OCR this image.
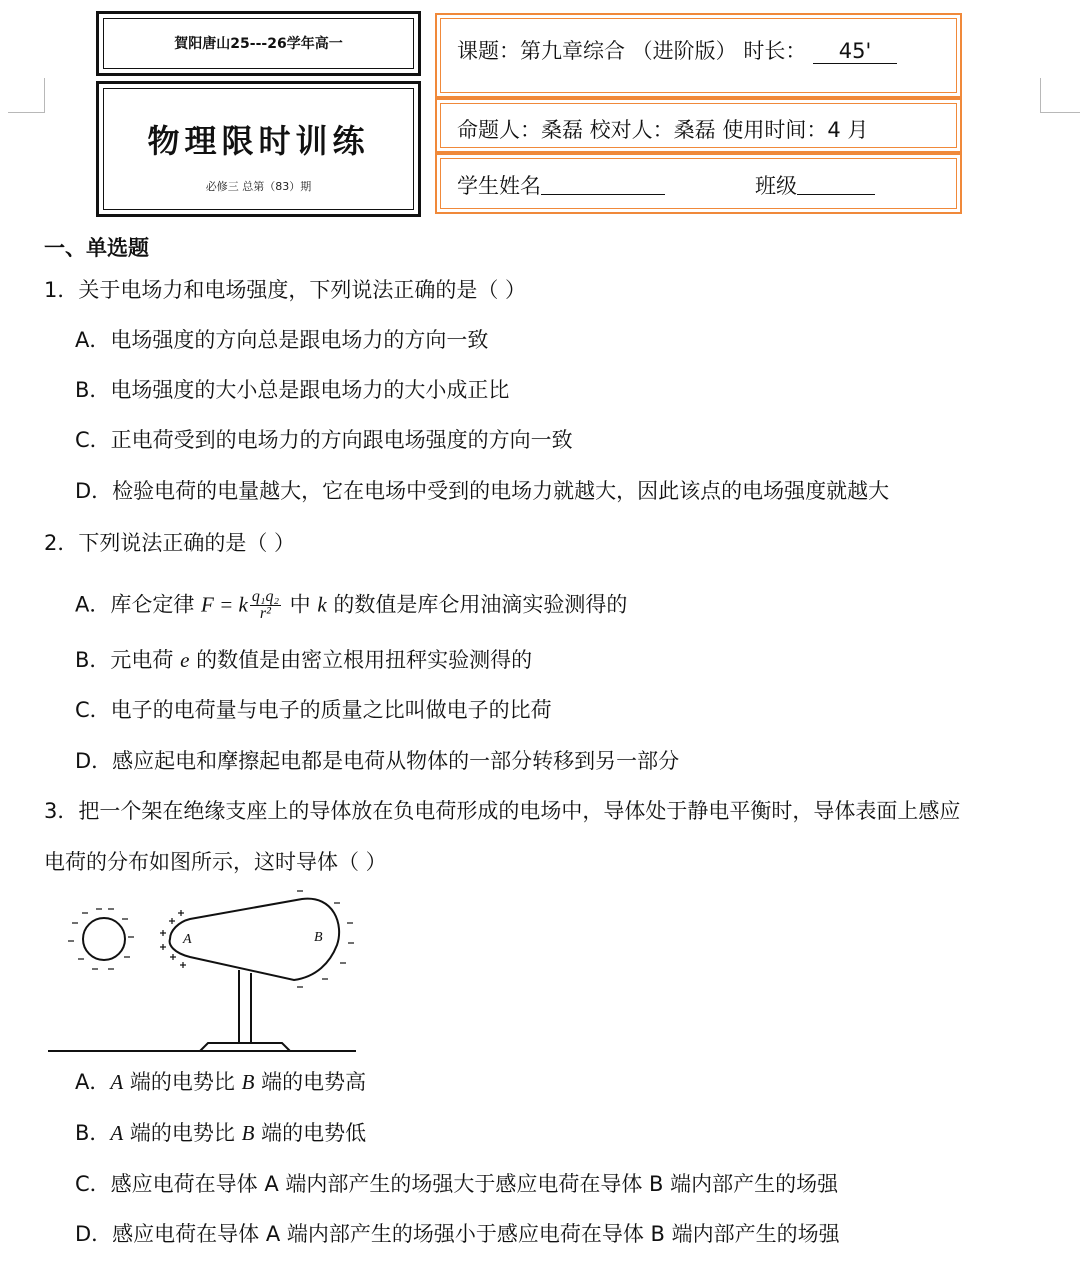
賀阳唐山25---26学年高一
物理限时训练
必修三 总第（83）期
课题：第九章综合 （进阶版） 时长： 45'
命题人：桑磊 校对人：桑磊 使用时间：4 月
学生姓名	班级
一、单选题
1．关于电场力和电场强度，下列说法正确的是（ ）
A．电场强度的方向总是跟电场力的方向一致
B．电场强度的大小总是跟电场力的大小成正比
C．正电荷受到的电场力的方向跟电场强度的方向一致
D．检验电荷的电量越大，它在电场中受到的电场力就越大，因此该点的电场强度就越大
2．下列说法正确的是（ ）
A．库仑定律 F = k $\frac{\text{q₁q₂}}{\text{r²}}$ 中 k 的数值是库仑用油滴实验测得的
B．元电荷 e 的数值是由密立根用扭秤实验测得的
C．电子的电荷量与电子的质量之比叫做电子的比荷
D．感应起电和摩擦起电都是电荷从物体的一部分转移到另一部分
3．把一个架在绝缘支座上的导体放在负电荷形成的电场中，导体处于静电平衡时，导体表面上感应
电荷的分布如图所示，这时导体（ ）
A	B
A．A 端的电势比 B 端的电势高
B．A 端的电势比 B 端的电势低
C．感应电荷在导体 A 端内部产生的场强大于感应电荷在导体 B 端内部产生的场强
D．感应电荷在导体 A 端内部产生的场强小于感应电荷在导体 B 端内部产生的场强
